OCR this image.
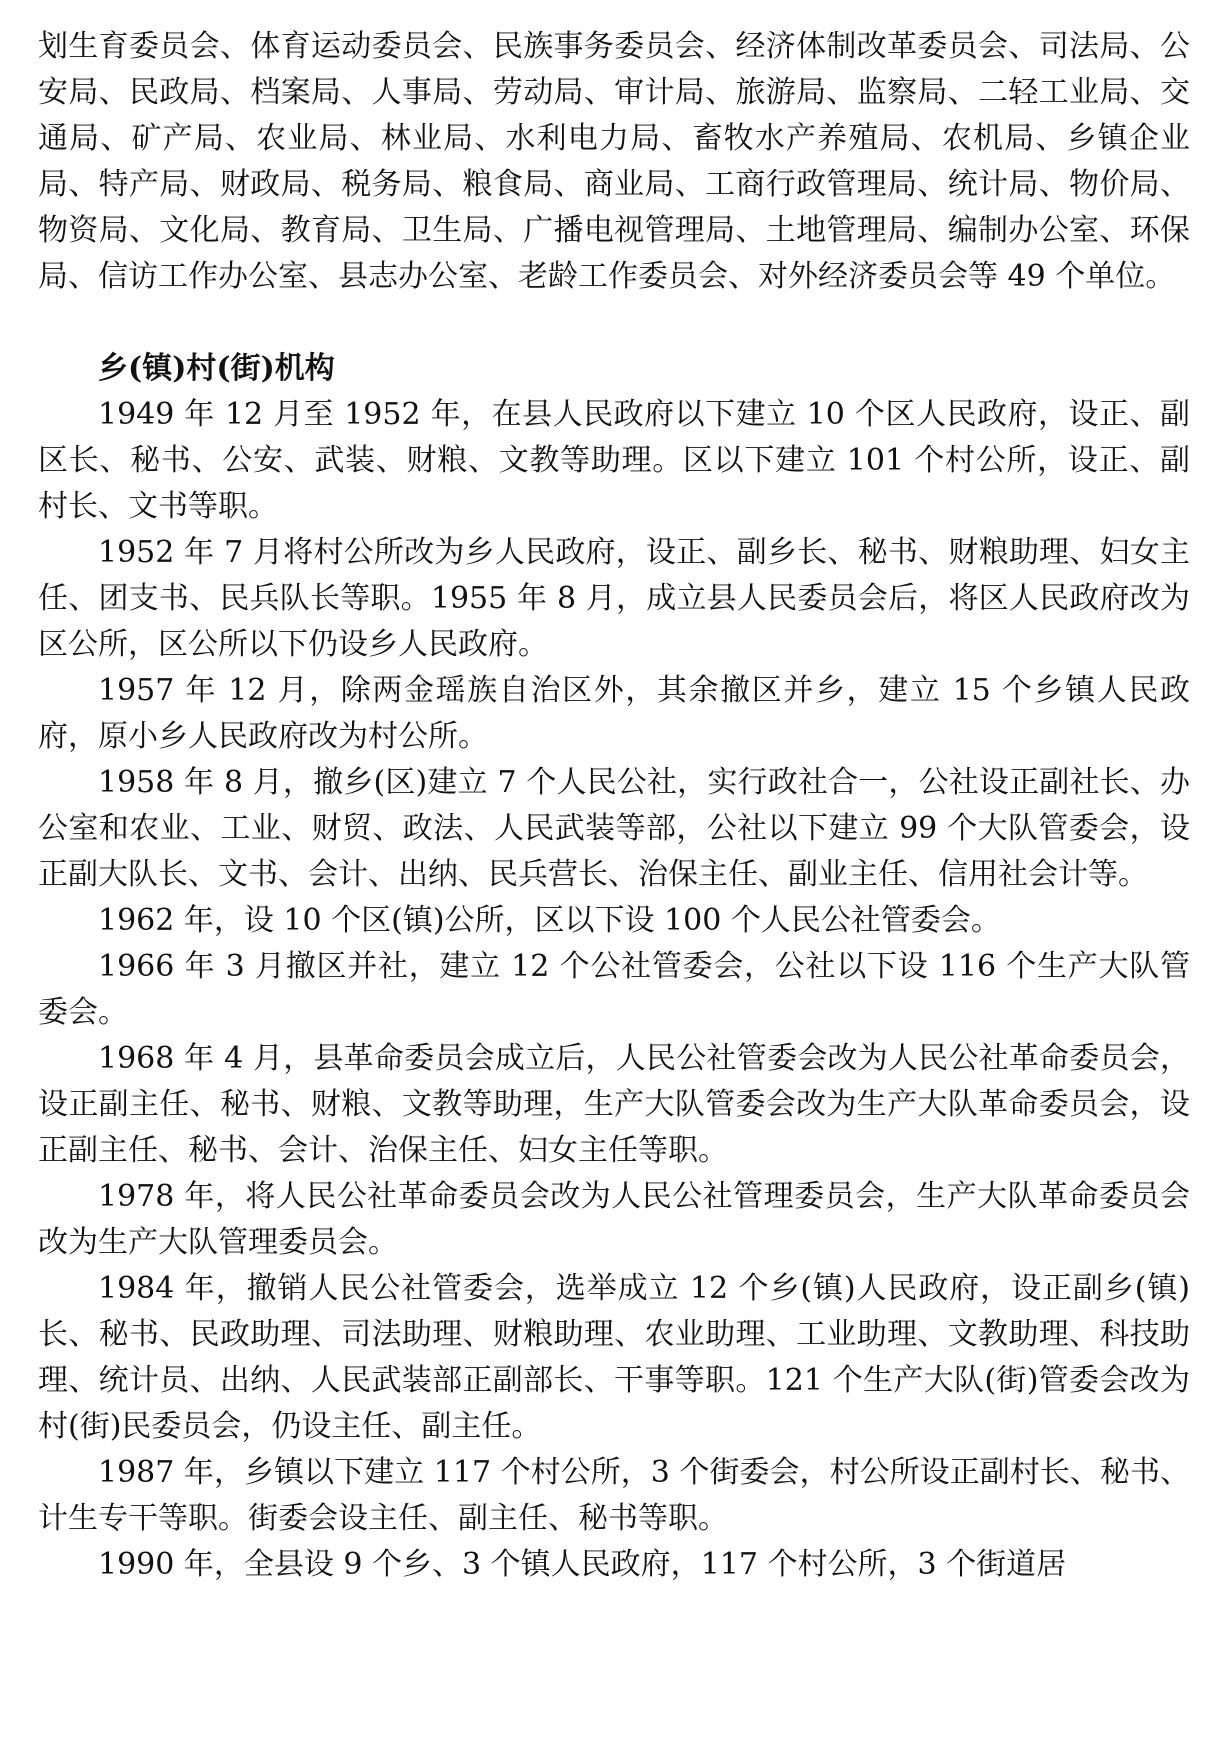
划生育委员会、体育运动委员会、民族事务委员会、经济体制改革委员会、司法局、公安局、民政局、档案局、人事局、劳动局、审计局、旅游局、监察局、二轻工业局、交通局、矿产局、农业局、林业局、水利电力局、畜牧水产养殖局、农机局、乡镇企业局、特产局、财政局、税务局、粮食局、商业局、工商行政管理局、统计局、物价局、物资局、文化局、教育局、卫生局、广播电视管理局、土地管理局、编制办公室、环保局、信访工作办公室、县志办公室、老龄工作委员会、对外经济委员会等 49 个单位。

乡(镇)村(街)机构

1949 年 12 月至 1952 年，在县人民政府以下建立 10 个区人民政府，设正、副区长、秘书、公安、武装、财粮、文教等助理。区以下建立 101 个村公所，设正、副村长、文书等职。

1952 年 7 月将村公所改为乡人民政府，设正、副乡长、秘书、财粮助理、妇女主任、团支书、民兵队长等职。1955 年 8 月，成立县人民委员会后，将区人民政府改为区公所，区公所以下仍设乡人民政府。

1957 年 12 月，除两金瑶族自治区外，其余撤区并乡，建立 15 个乡镇人民政府，原小乡人民政府改为村公所。

1958 年 8 月，撤乡(区)建立 7 个人民公社，实行政社合一，公社设正副社长、办公室和农业、工业、财贸、政法、人民武装等部，公社以下建立 99 个大队管委会，设正副大队长、文书、会计、出纳、民兵营长、治保主任、副业主任、信用社会计等。

1962 年，设 10 个区(镇)公所，区以下设 100 个人民公社管委会。

1966 年 3 月撤区并社，建立 12 个公社管委会，公社以下设 116 个生产大队管委会。

1968 年 4 月，县革命委员会成立后，人民公社管委会改为人民公社革命委员会，设正副主任、秘书、财粮、文教等助理，生产大队管委会改为生产大队革命委员会，设正副主任、秘书、会计、治保主任、妇女主任等职。

1978 年，将人民公社革命委员会改为人民公社管理委员会，生产大队革命委员会改为生产大队管理委员会。

1984 年，撤销人民公社管委会，选举成立 12 个乡(镇)人民政府，设正副乡(镇)长、秘书、民政助理、司法助理、财粮助理、农业助理、工业助理、文教助理、科技助理、统计员、出纳、人民武装部正副部长、干事等职。121 个生产大队(街)管委会改为村(街)民委员会，仍设主任、副主任。

1987 年，乡镇以下建立 117 个村公所，3 个街委会，村公所设正副村长、秘书、计生专干等职。街委会设主任、副主任、秘书等职。

1990 年，全县设 9 个乡、3 个镇人民政府，117 个村公所，3 个街道居
